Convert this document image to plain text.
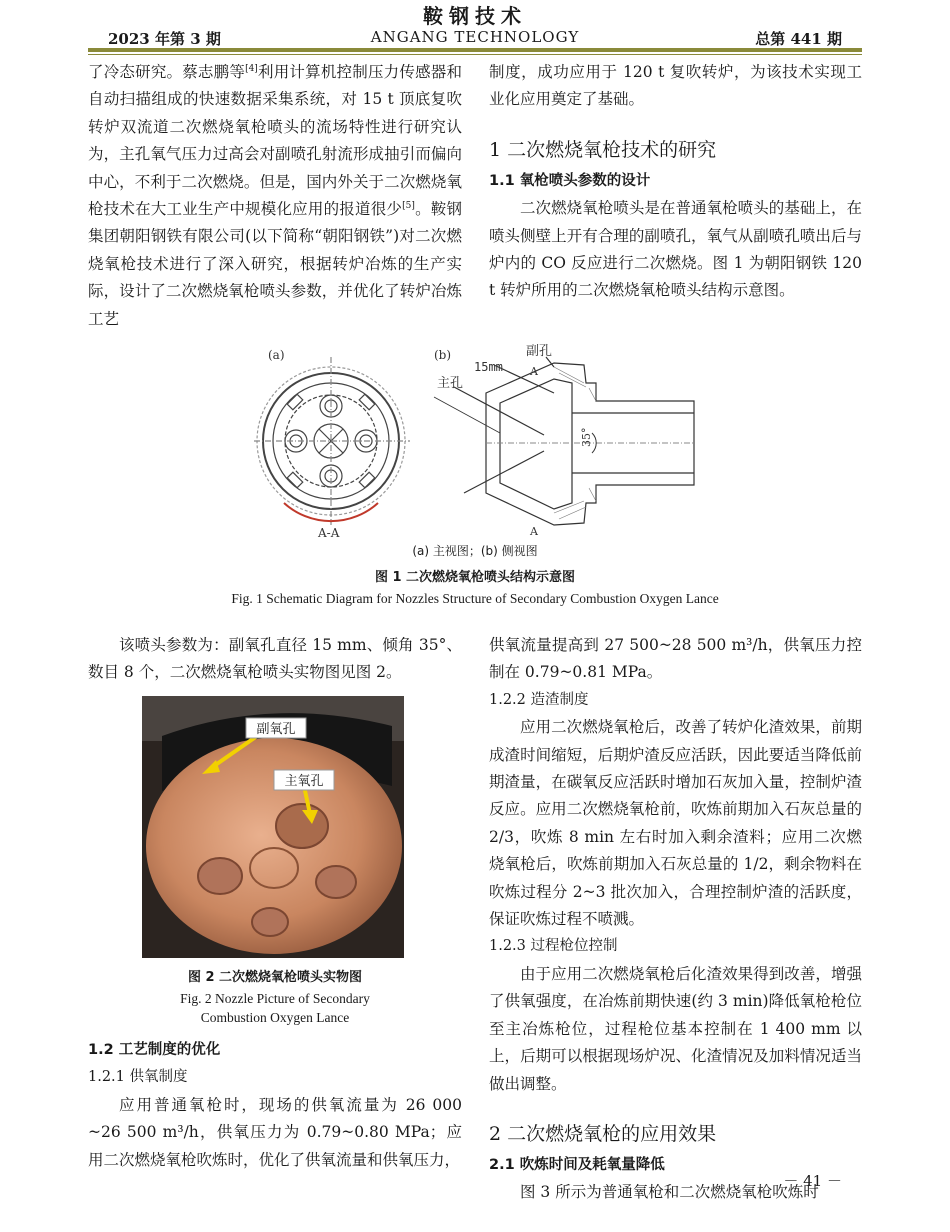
鞍钢技术
2023 年第 3 期	ANGANG TECHNOLOGY	总第 441 期

了冷态研究。蔡志鹏等[4]利用计算机控制压力传感器和自动扫描组成的快速数据采集系统，对 15 t 顶底复吹转炉双流道二次燃烧氧枪喷头的流场特性进行研究认为，主孔氧气压力过高会对副喷孔射流形成抽引而偏向中心，不利于二次燃烧。但是，国内外关于二次燃烧氧枪技术在大工业生产中规模化应用的报道很少[5]。鞍钢集团朝阳钢铁有限公司(以下简称“朝阳钢铁”)对二次燃烧氧枪技术进行了深入研究，根据转炉冶炼的生产实际，设计了二次燃烧氧枪喷头参数，并优化了转炉冶炼工艺

制度，成功应用于 120 t 复吹转炉，为该技术实现工业化应用奠定了基础。

1 二次燃烧氧枪技术的研究

1.1 氧枪喷头参数的设计

二次燃烧氧枪喷头是在普通氧枪喷头的基础上，在喷头侧壁上开有合理的副喷孔，氧气从副喷孔喷出后与炉内的 CO 反应进行二次燃烧。图 1 为朝阳钢铁 120 t 转炉所用的二次燃烧氧枪喷头结构示意图。

(a)
A-A
(b)
15mm
副孔
主孔
A
A
35°
(a) 主视图；(b) 侧视图
图 1 二次燃烧氧枪喷头结构示意图
Fig. 1 Schematic Diagram for Nozzles Structure of Secondary Combustion Oxygen Lance

该喷头参数为：副氧孔直径 15 mm、倾角 35°、数目 8 个，二次燃烧氧枪喷头实物图见图 2。

副氧孔
主氧孔
图 2 二次燃烧氧枪喷头实物图
Fig. 2 Nozzle Picture of Secondary
Combustion Oxygen Lance

1.2 工艺制度的优化

1.2.1 供氧制度

应用普通氧枪时，现场的供氧流量为 26 000 ~26 500 m³/h，供氧压力为 0.79~0.80 MPa；应用二次燃烧氧枪吹炼时，优化了供氧流量和供氧压力，

供氧流量提高到 27 500~28 500 m³/h，供氧压力控制在 0.79~0.81 MPa。

1.2.2 造渣制度

应用二次燃烧氧枪后，改善了转炉化渣效果，前期成渣时间缩短，后期炉渣反应活跃，因此要适当降低前期渣量，在碳氧反应活跃时增加石灰加入量，控制炉渣反应。应用二次燃烧氧枪前，吹炼前期加入石灰总量的 2/3，吹炼 8 min 左右时加入剩余渣料；应用二次燃烧氧枪后，吹炼前期加入石灰总量的 1/2，剩余物料在吹炼过程分 2~3 批次加入，合理控制炉渣的活跃度，保证吹炼过程不喷溅。

1.2.3 过程枪位控制

由于应用二次燃烧氧枪后化渣效果得到改善，增强了供氧强度，在冶炼前期快速(约 3 min)降低氧枪枪位至主冶炼枪位，过程枪位基本控制在 1 400 mm 以上，后期可以根据现场炉况、化渣情况及加料情况适当做出调整。

2 二次燃烧氧枪的应用效果

2.1 吹炼时间及耗氧量降低

图 3 所示为普通氧枪和二次燃烧氧枪吹炼时

－ 41 －
